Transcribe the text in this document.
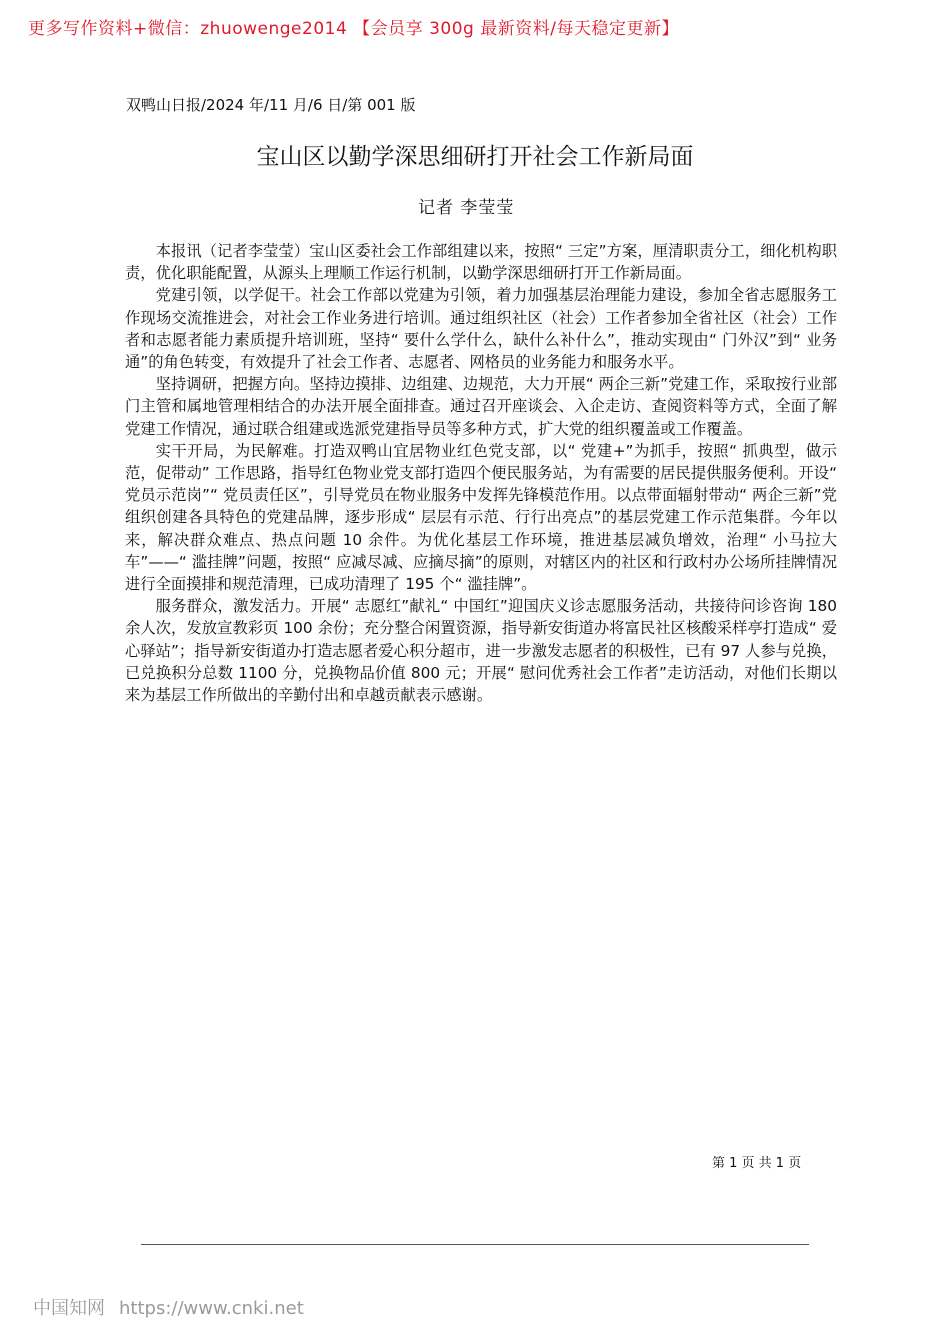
更多写作资料+微信：zhuowenge2014 【会员享 300g 最新资料/每天稳定更新】
双鸭山日报/2024 年/11 月/6 日/第 001 版
宝山区以勤学深思细研打开社会工作新局面
记者 李莹莹

本报讯（记者李莹莹）宝山区委社会工作部组建以来，按照“ 三定”方案，厘清职责分工，细化机构职责，优化职能配置，从源头上理顺工作运行机制，以勤学深思细研打开工作新局面。

党建引领，以学促干。社会工作部以党建为引领，着力加强基层治理能力建设，参加全省志愿服务工作现场交流推进会，对社会工作业务进行培训。通过组织社区（社会）工作者参加全省社区（社会）工作者和志愿者能力素质提升培训班，坚持“ 要什么学什么，缺什么补什么”，推动实现由“ 门外汉”到“ 业务通”的角色转变，有效提升了社会工作者、志愿者、网格员的业务能力和服务水平。

坚持调研，把握方向。坚持边摸排、边组建、边规范，大力开展“ 两企三新”党建工作，采取按行业部门主管和属地管理相结合的办法开展全面排查。通过召开座谈会、入企走访、查阅资料等方式，全面了解党建工作情况，通过联合组建或选派党建指导员等多种方式，扩大党的组织覆盖或工作覆盖。

实干开局，为民解难。打造双鸭山宜居物业红色党支部，以“ 党建+”为抓手，按照“ 抓典型，做示范，促带动” 工作思路，指导红色物业党支部打造四个便民服务站，为有需要的居民提供服务便利。开设“ 党员示范岗”“ 党员责任区”，引导党员在物业服务中发挥先锋模范作用。以点带面辐射带动“ 两企三新”党组织创建各具特色的党建品牌，逐步形成“ 层层有示范、行行出亮点”的基层党建工作示范集群。今年以来，解决群众难点、热点问题 10 余件。为优化基层工作环境，推进基层减负增效，治理“ 小马拉大车”——“ 滥挂牌”问题，按照“ 应减尽减、应摘尽摘”的原则，对辖区内的社区和行政村办公场所挂牌情况进行全面摸排和规范清理，已成功清理了 195 个“ 滥挂牌”。

服务群众，激发活力。开展“ 志愿红”献礼“ 中国红”迎国庆义诊志愿服务活动，共接待问诊咨询 180 余人次，发放宣教彩页 100 余份；充分整合闲置资源，指导新安街道办将富民社区核酸采样亭打造成“ 爱心驿站”；指导新安街道办打造志愿者爱心积分超市，进一步激发志愿者的积极性，已有 97 人参与兑换，已兑换积分总数 1100 分，兑换物品价值 800 元；开展“ 慰问优秀社会工作者”走访活动，对他们长期以来为基层工作所做出的辛勤付出和卓越贡献表示感谢。

第 1 页 共 1 页
中国知网 https://www.cnki.net
